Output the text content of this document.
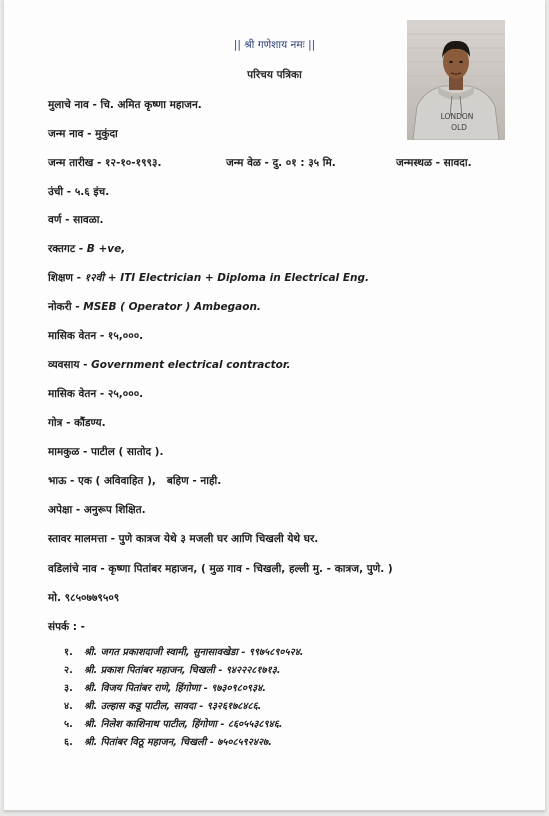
|| श्री गणेशाय नमः ||
परिचय पत्रिका
LONDON
OLD
मुलाचे नाव - चि. अमित कृष्णा महाजन.
जन्म नाव - मुकुंदा
जन्म तारीख - १२-१०-१९९३.	जन्म वेळ - दु. ०१ : ३५ मि.	जन्मस्थळ - सावदा.
उंची - ५.६ इंच.
वर्ण - सावळा.
रक्तगट - B +ve,
शिक्षण - १२वी + ITI Electrician + Diploma in Electrical Eng.
नोकरी - MSEB ( Operator ) Ambegaon.
मासिक वेतन - १५,०००.
व्यवसाय - Government electrical contractor.
मासिक वेतन - २५,०००.
गोत्र - कौंडण्य.
मामकुळ - पाटील ( सातोद ).
भाऊ - एक ( अविवाहित ), बहिण - नाही.
अपेक्षा - अनुरूप शिक्षित.
स्तावर मालमत्ता - पुणे कात्रज येथे ३ मजली घर आणि चिखली येथे घर.
वडिलांचे नाव - कृष्णा पितांबर महाजन, ( मुळ गाव - चिखली, हल्ली मु. - कात्रज, पुणे. )
मो. ९८५०७७९५०९
संपर्क : -
१. श्री. जगत प्रकाशदाजी स्वामी, सुनासावखेडा - ९९७५८९०५२४.
२. श्री. प्रकाश पितांबर महाजन, चिखली - ९४२२२८१७१३.
३. श्री. विजय पितांबर राणे, हिंगोणा - ९७३०९८०९३४.
४. श्री. उल्हास कडू पाटील, सावदा - ९३२६१७८४८६.
५. श्री. निलेश काशिनाथ पाटील, हिंगोणा - ८६०५५३८९४६.
६. श्री. पितांबर विठू महाजन, चिखली - ७५०८५९२४२७.
